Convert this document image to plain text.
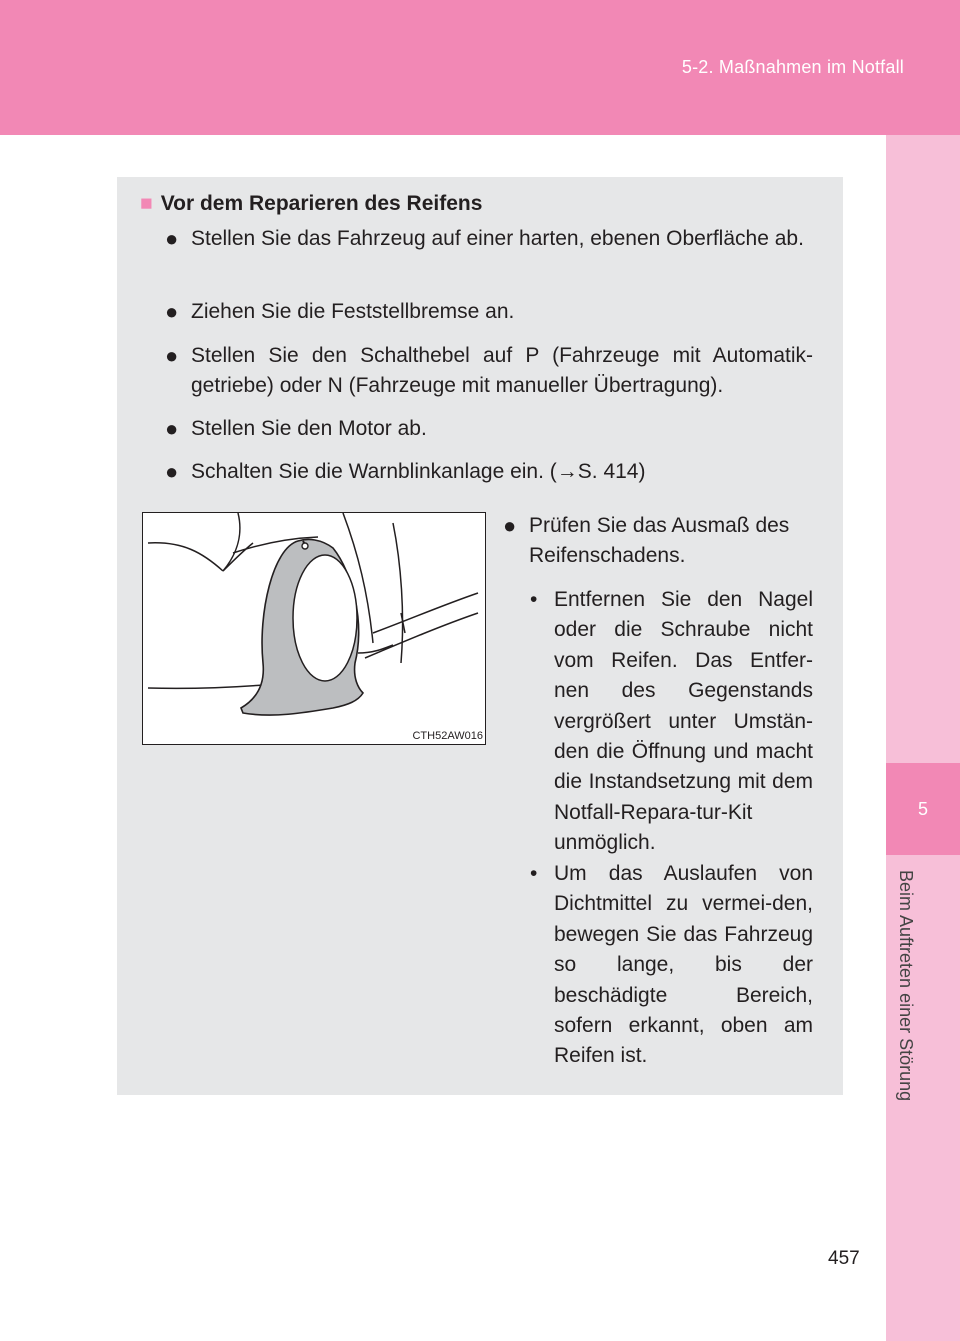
5-2. Maßnahmen im Notfall
5
Beim Auftreten einer Störung
■ Vor dem Reparieren des Reifens
● Stellen Sie das Fahrzeug auf einer harten, ebenen Oberfläche ab.
● Ziehen Sie die Feststellbremse an.
● Stellen Sie den Schalthebel auf P (Fahrzeuge mit Automatik-getriebe) oder N (Fahrzeuge mit manueller Übertragung).
● Stellen Sie den Motor ab.
● Schalten Sie die Warnblinkanlage ein. (→S. 414)
CTH52AW016
● Prüfen Sie das Ausmaß des Reifenschadens.
• Entfernen Sie den Nagel oder die Schraube nicht vom Reifen. Das Entfer-nen des Gegenstands vergrößert unter Umstän-den die Öffnung und macht die Instandsetzung mit dem Notfall-Repara-tur-Kit unmöglich.
• Um das Auslaufen von Dichtmittel zu vermei-den, bewegen Sie das Fahrzeug so lange, bis der beschädigte Bereich, sofern erkannt, oben am Reifen ist.
457
